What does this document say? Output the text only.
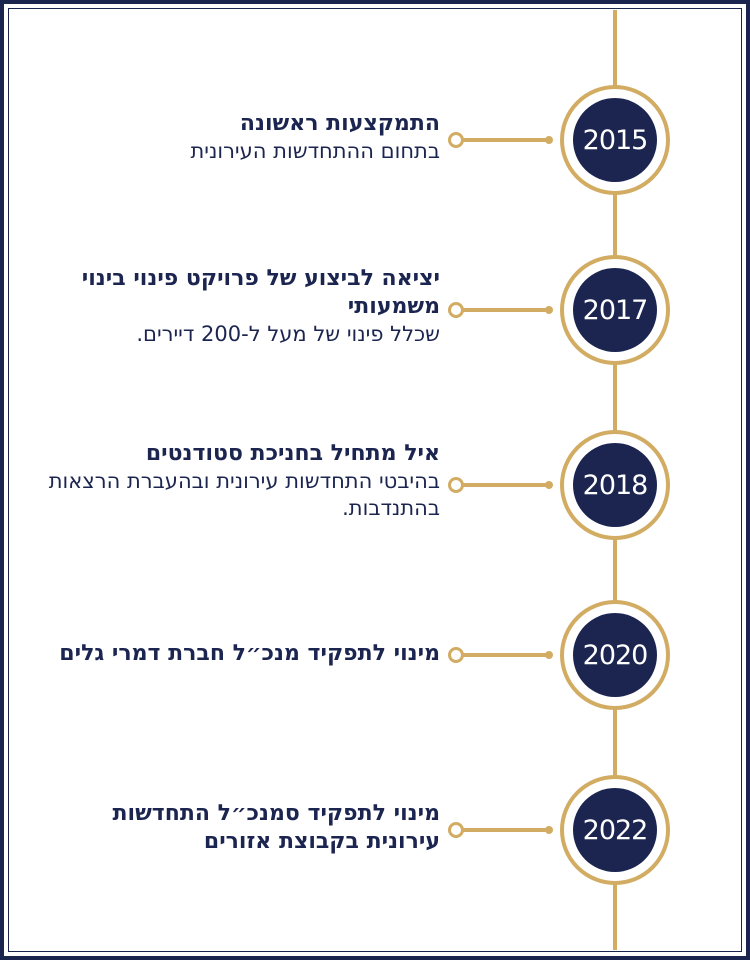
2015
התמקצעות ראשונה
בתחום ההתחדשות העירונית
2017
יציאה לביצוע של פרויקט פינוי בינוי משמעותי
שכלל פינוי של מעל ל-200 דיירים.
2018
איל מתחיל בחניכת סטודנטים
בהיבטי התחדשות עירונית ובהעברת הרצאות בהתנדבות.
2020
מינוי לתפקיד מנכ״ל חברת דמרי גלים
2022
מינוי לתפקיד סמנכ״ל התחדשות עירונית בקבוצת אזורים
